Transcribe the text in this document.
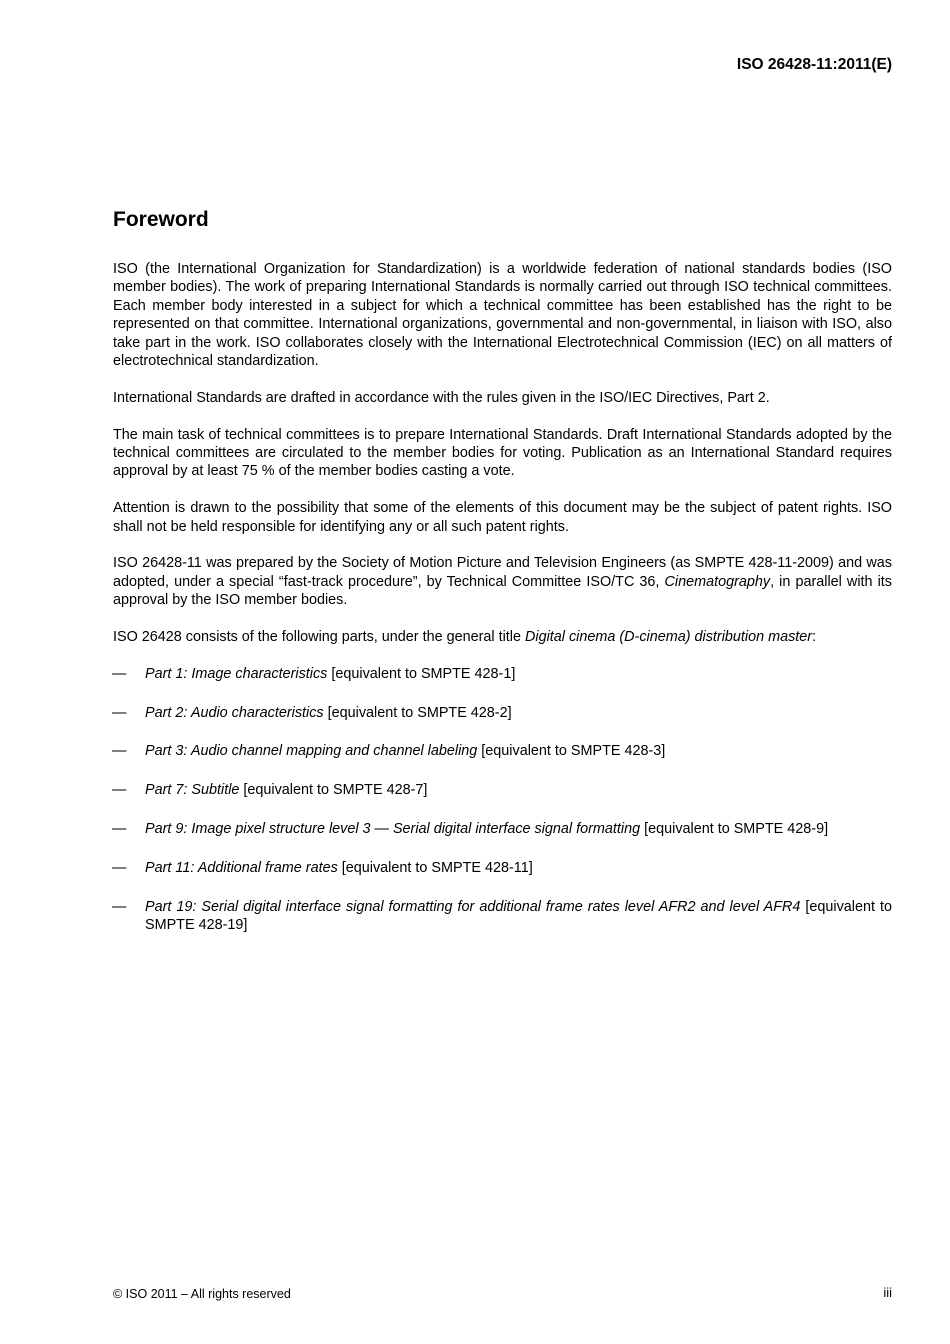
ISO 26428-11:2011(E)
Foreword

ISO (the International Organization for Standardization) is a worldwide federation of national standards bodies (ISO member bodies). The work of preparing International Standards is normally carried out through ISO technical committees. Each member body interested in a subject for which a technical committee has been established has the right to be represented on that committee. International organizations, governmental and non-governmental, in liaison with ISO, also take part in the work. ISO collaborates closely with the International Electrotechnical Commission (IEC) on all matters of electrotechnical standardization.

International Standards are drafted in accordance with the rules given in the ISO/IEC Directives, Part 2.

The main task of technical committees is to prepare International Standards. Draft International Standards adopted by the technical committees are circulated to the member bodies for voting. Publication as an International Standard requires approval by at least 75 % of the member bodies casting a vote.

Attention is drawn to the possibility that some of the elements of this document may be the subject of patent rights. ISO shall not be held responsible for identifying any or all such patent rights.

ISO 26428-11 was prepared by the Society of Motion Picture and Television Engineers (as SMPTE 428-11-2009) and was adopted, under a special “fast-track procedure”, by Technical Committee ISO/TC 36, Cinematography, in parallel with its approval by the ISO member bodies.

ISO 26428 consists of the following parts, under the general title Digital cinema (D-cinema) distribution master:

— Part 1: Image characteristics [equivalent to SMPTE 428-1]
— Part 2: Audio characteristics [equivalent to SMPTE 428-2]
— Part 3: Audio channel mapping and channel labeling [equivalent to SMPTE 428-3]
— Part 7: Subtitle [equivalent to SMPTE 428-7]
— Part 9: Image pixel structure level 3 — Serial digital interface signal formatting [equivalent to SMPTE 428-9]
— Part 11: Additional frame rates [equivalent to SMPTE 428-11]
— Part 19: Serial digital interface signal formatting for additional frame rates level AFR2 and level AFR4 [equivalent to SMPTE 428-19]
© ISO 2011 – All rights reserved	iii
